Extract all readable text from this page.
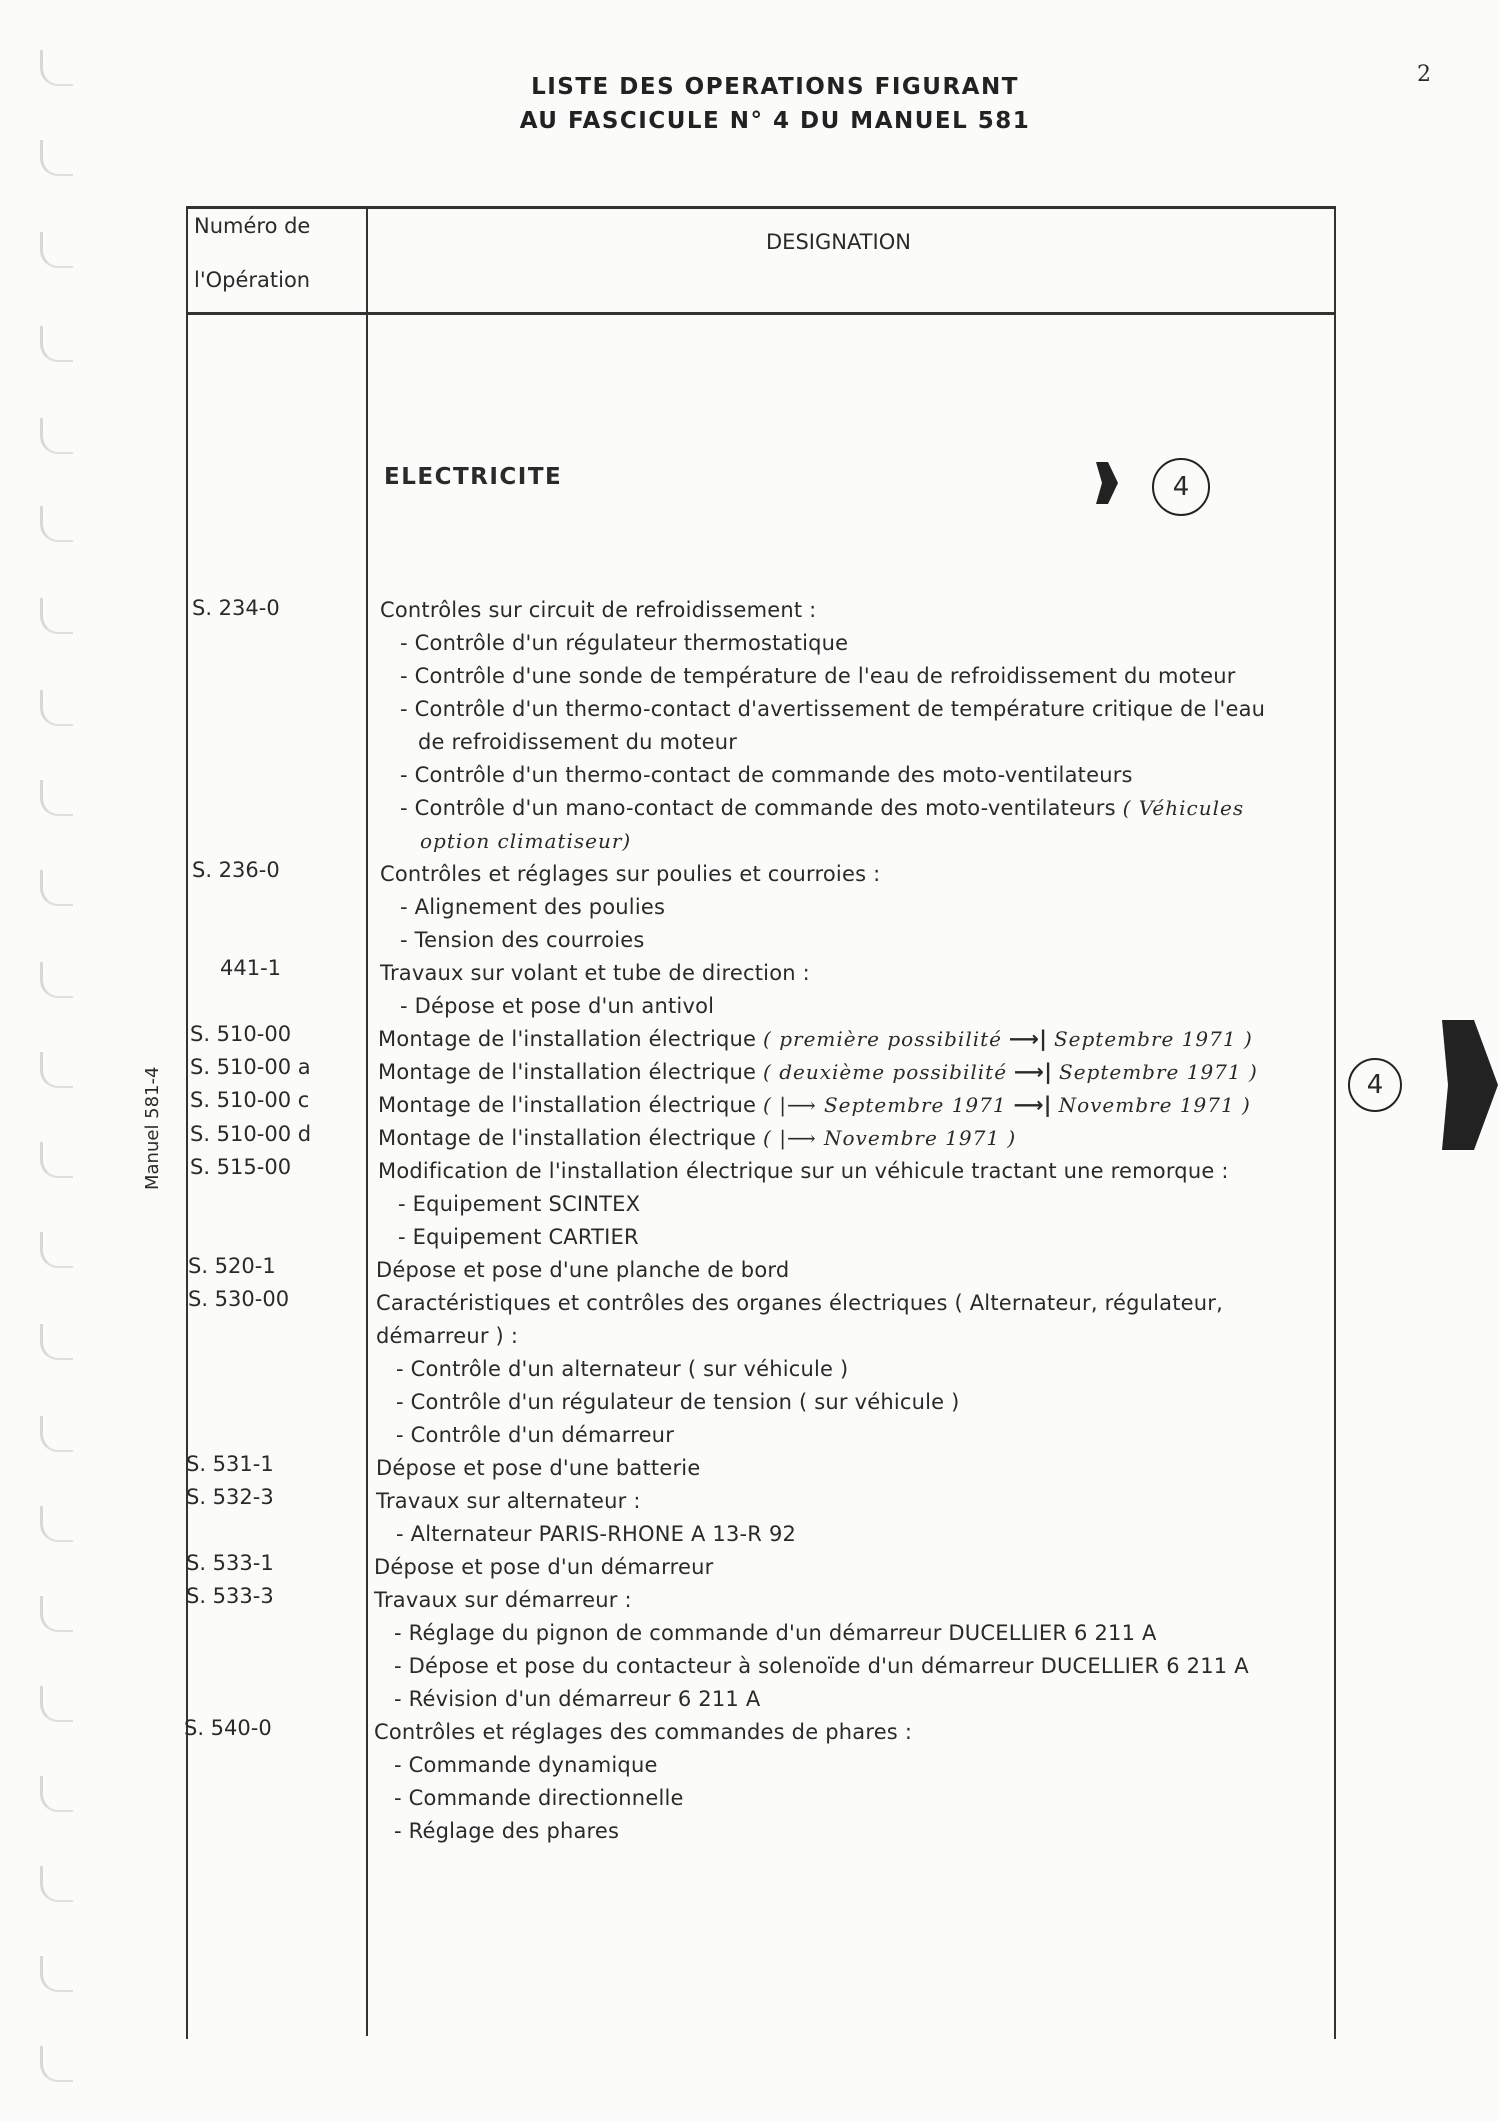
2
LISTE DES OPERATIONS FIGURANT
AU FASCICULE N° 4 DU MANUEL 581
Manuel 581-4
Numéro de
l'Opération
DESIGNATION
ELECTRICITE	4
4
S. 234-0
S. 236-0
441-1
S. 510-00
S. 510-00 a
S. 510-00 c
S. 510-00 d
S. 515-00
S. 520-1
S. 530-00
S. 531-1
S. 532-3
S. 533-1
S. 533-3
S. 540-0
Contrôles sur circuit de refroidissement :
- Contrôle d'un régulateur thermostatique
- Contrôle d'une sonde de température de l'eau de refroidissement du moteur
- Contrôle d'un thermo-contact d'avertissement de température critique de l'eau
de refroidissement du moteur
- Contrôle d'un thermo-contact de commande des moto-ventilateurs
- Contrôle d'un mano-contact de commande des moto-ventilateurs ( Véhicules
option climatiseur)
Contrôles et réglages sur poulies et courroies :
- Alignement des poulies
- Tension des courroies
Travaux sur volant et tube de direction :
- Dépose et pose d'un antivol
Montage de l'installation électrique ( première possibilité ⟶| Septembre 1971 )
Montage de l'installation électrique ( deuxième possibilité ⟶| Septembre 1971 )
Montage de l'installation électrique ( |⟶ Septembre 1971 ⟶| Novembre 1971 )
Montage de l'installation électrique ( |⟶ Novembre 1971 )
Modification de l'installation électrique sur un véhicule tractant une remorque :
- Equipement SCINTEX
- Equipement CARTIER
Dépose et pose d'une planche de bord
Caractéristiques et contrôles des organes électriques ( Alternateur, régulateur,
démarreur ) :
- Contrôle d'un alternateur ( sur véhicule )
- Contrôle d'un régulateur de tension ( sur véhicule )
- Contrôle d'un démarreur
Dépose et pose d'une batterie
Travaux sur alternateur :
- Alternateur PARIS-RHONE A 13-R 92
Dépose et pose d'un démarreur
Travaux sur démarreur :
- Réglage du pignon de commande d'un démarreur DUCELLIER 6 211 A
- Dépose et pose du contacteur à solenoïde d'un démarreur DUCELLIER 6 211 A
- Révision d'un démarreur 6 211 A
Contrôles et réglages des commandes de phares :
- Commande dynamique
- Commande directionnelle
- Réglage des phares
